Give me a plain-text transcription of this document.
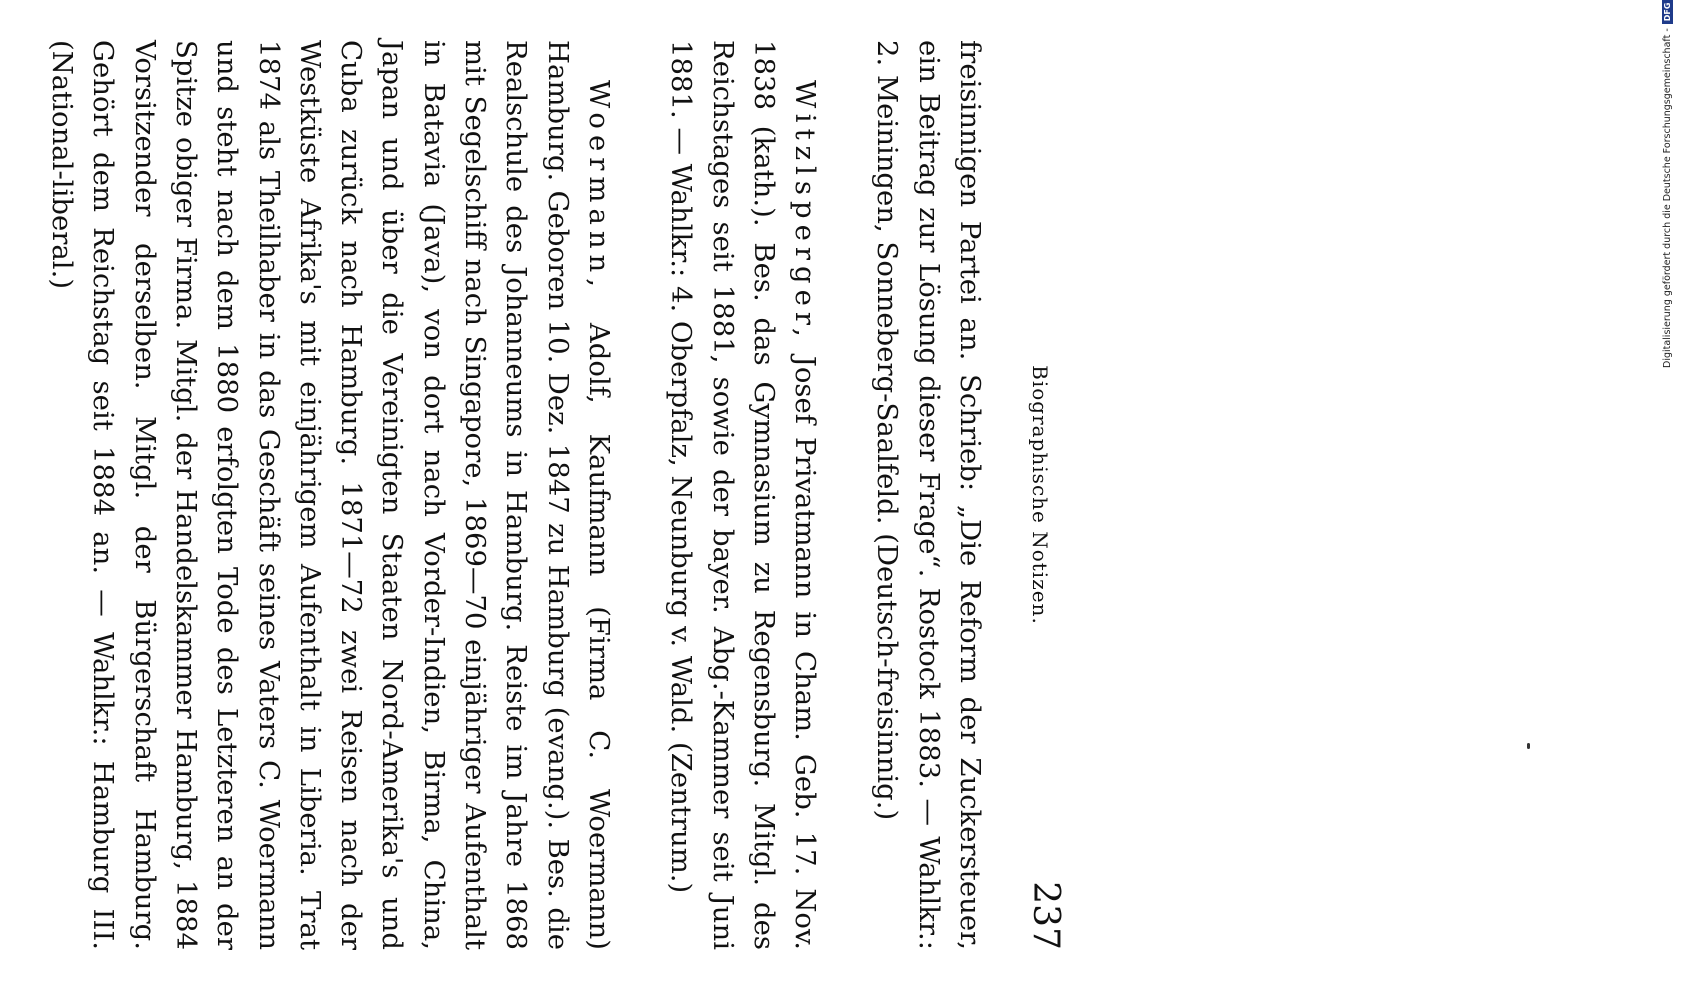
Biographische Notizen.
237

freisinnigen Partei an. Schrieb: „Die Reform der Zuckersteuer, ein Beitrag zur Lösung dieser Frage“. Rostock 1883. — Wahlkr.: 2. Meiningen, Sonneberg-Saalfeld. (Deutsch-freisinnig.)

Witzlsperger, Josef Privatmann in Cham. Geb. 17. Nov. 1838 (kath.). Bes. das Gymnasium zu Regensburg. Mitgl. des Reichstages seit 1881, sowie der bayer. Abg.-Kammer seit Juni 1881. — Wahlkr.: 4. Oberpfalz, Neunburg v. Wald. (Zentrum.)

Woermann, Adolf, Kaufmann (Firma C. Woermann) Hamburg. Geboren 10. Dez. 1847 zu Hamburg (evang.). Bes. die Realschule des Johanneums in Hamburg. Reiste im Jahre 1868 mit Segelschiff nach Singapore, 1869—70 einjähriger Aufenthalt in Batavia (Java), von dort nach Vorder-Indien, Birma, China, Japan und über die Vereinigten Staaten Nord-Amerika's und Cuba zurück nach Hamburg. 1871—72 zwei Reisen nach der Westküste Afrika's mit einjährigem Aufenthalt in Liberia. Trat 1874 als Theilhaber in das Geschäft seines Vaters C. Woermann und steht nach dem 1880 erfolgten Tode des Letzteren an der Spitze obiger Firma. Mitgl. der Handelskammer Hamburg, 1884 Vorsitzender derselben. Mitgl. der Bürgerschaft Hamburg. Gehört dem Reichstag seit 1884 an. — Wahlkr.: Hamburg III. (National-liberal.)	Digitalisierung gefördert durch die Deutsche Forschungsgemeinschaft -DFG
